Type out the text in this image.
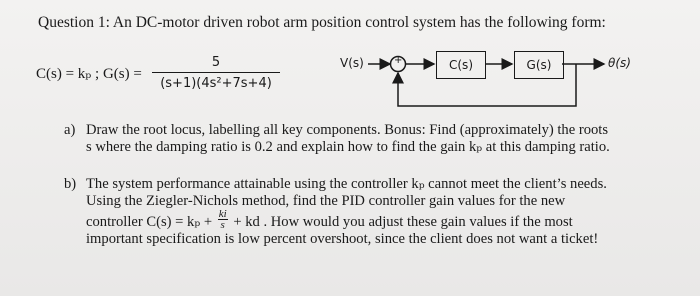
Question 1: An DC-motor driven robot arm position control system has the following form:
C(s) = kₚ ; G(s) =
5
(s+1)(4s²+7s+4)
V(s)	+	C(s)	G(s)	θ(s)
a) Draw the root locus, labelling all key components. Bonus: Find (approximately) the roots

s where the damping ratio is 0.2 and explain how to find the gain kₚ at this damping ratio.

b) The system performance attainable using the controller kₚ cannot meet the client’s needs.

Using the Ziegler-Nichols method, find the PID controller gain values for the new

controller $C(s) = k_p + \frac{ki}{s}$ + kd . How would you adjust these gain values if the most

important specification is low percent overshoot, since the client does not want a ticket!
